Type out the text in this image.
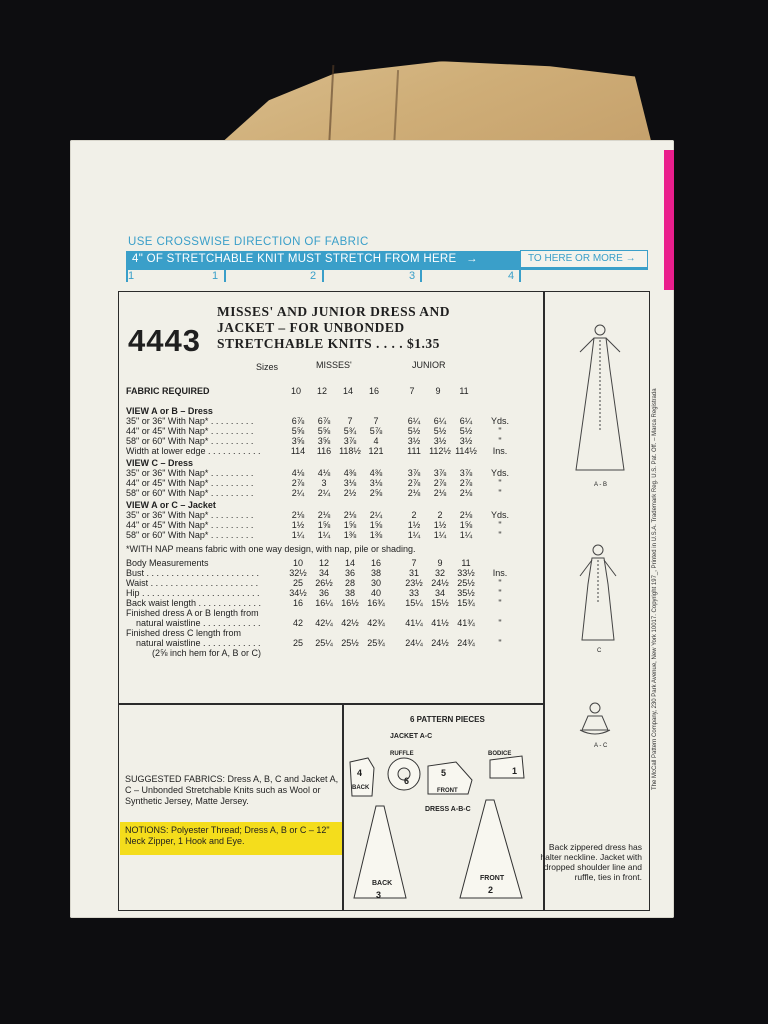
USE CROSSWISE DIRECTION OF FABRIC
4" OF STRETCHABLE KNIT MUST STRETCH FROM HERE →	TO HERE OR MORE →
1	1	2	3	4
4443
MISSES' AND JUNIOR DRESS AND
JACKET – FOR UNBONDED
STRETCHABLE KNITS . . . . $1.35
MISSES'	JUNIOR
Sizes
FABRIC REQUIRED	10	12	14	16	7	9	11
VIEW A or B – Dress
35" or 36" With Nap* . . . . . . . . .	6⅞	6⅞	7	7	6¼	6¼	6¼	Yds.
44" or 45" With Nap* . . . . . . . . .	5⅝	5⅝	5¾	5⅞	5½	5½	5½	"
58" or 60" With Nap* . . . . . . . . .	3⅝	3⅝	3⅞	4	3½	3½	3½	"
Width at lower edge . . . . . . . . . . .	114	116 118½ 121	111 112½ 114½	Ins.
VIEW C – Dress
35" or 36" With Nap* . . . . . . . . .	4⅛	4⅛	4⅜	4⅜	3⅞	3⅞	3⅞	Yds.
44" or 45" With Nap* . . . . . . . . .	2⅞	3	3⅛	3⅛	2⅞	2⅞	2⅞	"
58" or 60" With Nap* . . . . . . . . .	2¼	2¼	2½	2⅝	2⅛	2⅛	2⅛	"
VIEW A or C – Jacket
35" or 36" With Nap* . . . . . . . . .	2⅛	2⅛	2⅛	2¼	2	2	2⅛	Yds.
44" or 45" With Nap* . . . . . . . . .	1½	1⅝	1⅝	1⅝	1½	1½	1⅝	"
58" or 60" With Nap* . . . . . . . . .	1¼	1¼	1⅜	1⅜	1¼	1¼	1¼	"
*WITH NAP means fabric with one way design, with nap, pile or shading.
Body Measurements	10	12	14	16	7	9	11
Bust . . . . . . . . . . . . . . . . . . . . . . .	32½	34	36	38	31	32	33½	Ins.
Waist . . . . . . . . . . . . . . . . . . . . . .	25	26½	28	30	23½ 24½ 25½	"
Hip . . . . . . . . . . . . . . . . . . . . . . . .	34½	36	38	40	33	34	35½	"
Back waist length . . . . . . . . . . . . .	16	16¼ 16½ 16¾	15¼ 15½ 15¾	"
Finished dress A or B length from
natural waistline . . . . . . . . . . . .	42	42¼ 42½ 42¾	41¼ 41½ 41¾	"
Finished dress C length from
natural waistline . . . . . . . . . . . .	25	25¼ 25½ 25¾	24¼ 24½ 24¾	"
(2⅝ inch hem for A, B or C)
SUGGESTED FABRICS: Dress A, B, C and Jacket A, C – Unbonded Stretchable Knits such as Wool or Synthetic Jersey, Matte Jersey.
NOTIONS: Polyester Thread; Dress A, B or C – 12" Neck Zipper, 1 Hook and Eye.
6 PATTERN PIECES
JACKET A-C
RUFFLE	BODICE
DRESS A-B-C
BACK	FRONT
BACK
FRONT
4
6
5	1
3	2
A - B
C
A - C
Back zippered dress has halter neckline. Jacket with dropped shoulder line and ruffle, ties in front.
The McCall Pattern Company, 230 Park Avenue, New York 10017. Copyright 197_, Printed in U.S.A. Trademark Reg. U.S. Pat. Off. – Marca Registrada
